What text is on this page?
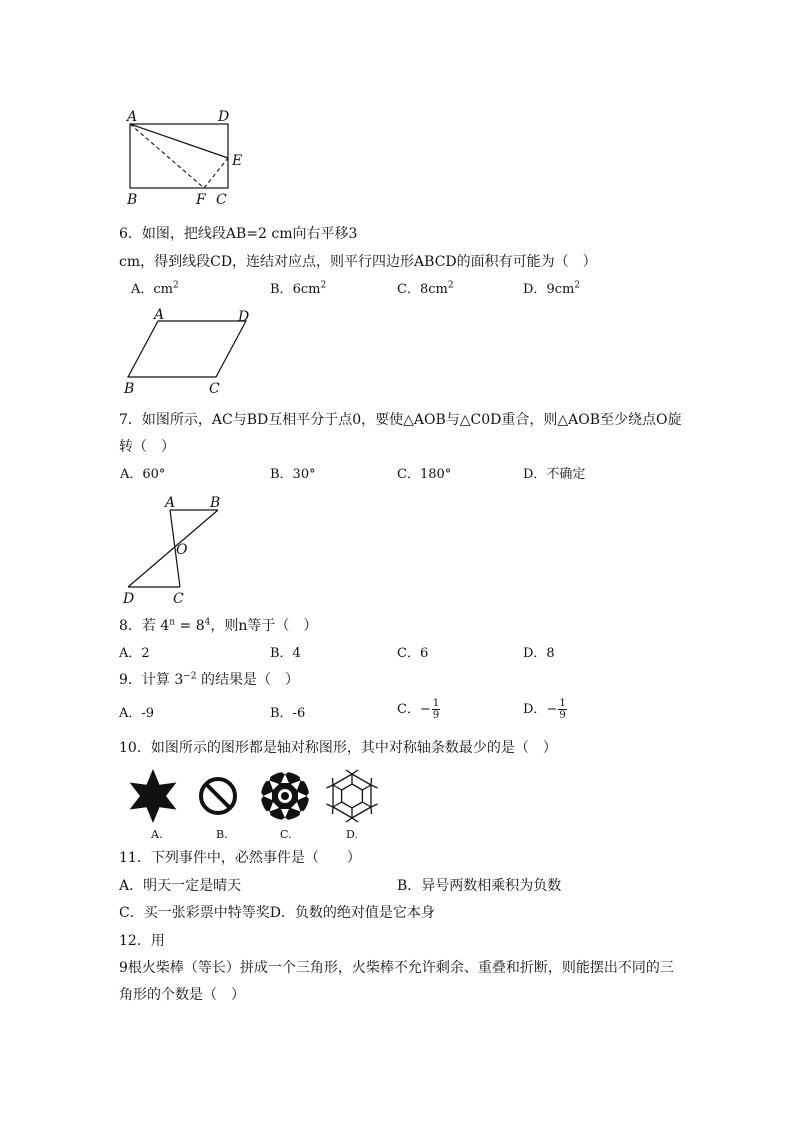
A	D
E
B	F C
6．如图，把线段AB=2 cm向右平移3
cm，得到线段CD，连结对应点，则平行四边形ABCD的面积有可能为（　）
A．$cm^2$	B．$6cm^2$	C．$8cm^2$	D．$9cm^2$
A	D
B	C
7．如图所示，AC与BD互相平分于点0，要使△AOB与△C0D重合，则△AOB至少绕点O旋
转（　）
A．60°	B．30°	C．180°	D．不确定
A B
O
D	C
8．若 $4^n = 8^4$，则n等于（　）
A．2	B．4	C．6	D．8
9．计算 $3^{-2}$ 的结果是（　）
A．-9	B．-6	C．− $\frac{1}{9}$	D．− $\frac{1}{9}$
10．如图所示的图形都是轴对称图形，其中对称轴条数最少的是（　）
A.	B.	C.	D.
11．下列事件中，必然事件是（　　）
A．明天一定是晴天	B．异号两数相乘积为负数
C．买一张彩票中特等奖D．负数的绝对值是它本身
12．用
9根火柴棒（等长）拼成一个三角形，火柴棒不允许剩余、重叠和折断，则能摆出不同的三
角形的个数是（　）
